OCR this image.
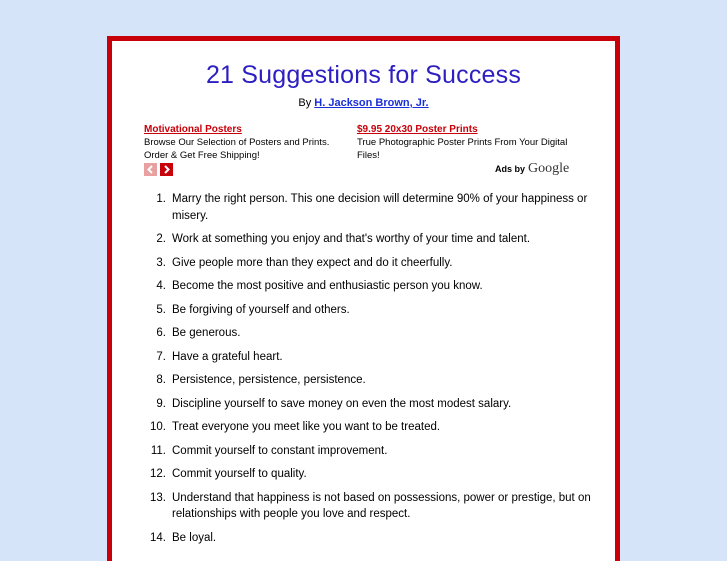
21 Suggestions for Success
By H. Jackson Brown, Jr.
Motivational Posters
Browse Our Selection of Posters and Prints. Order & Get Free Shipping!
$9.95 20x30 Poster Prints
True Photographic Poster Prints From Your Digital Files!
Ads by Google
1. Marry the right person. This one decision will determine 90% of your happiness or misery.
2. Work at something you enjoy and that's worthy of your time and talent.
3. Give people more than they expect and do it cheerfully.
4. Become the most positive and enthusiastic person you know.
5. Be forgiving of yourself and others.
6. Be generous.
7. Have a grateful heart.
8. Persistence, persistence, persistence.
9. Discipline yourself to save money on even the most modest salary.
10. Treat everyone you meet like you want to be treated.
11. Commit yourself to constant improvement.
12. Commit yourself to quality.
13. Understand that happiness is not based on possessions, power or prestige, but on relationships with people you love and respect.
14. Be loyal.
